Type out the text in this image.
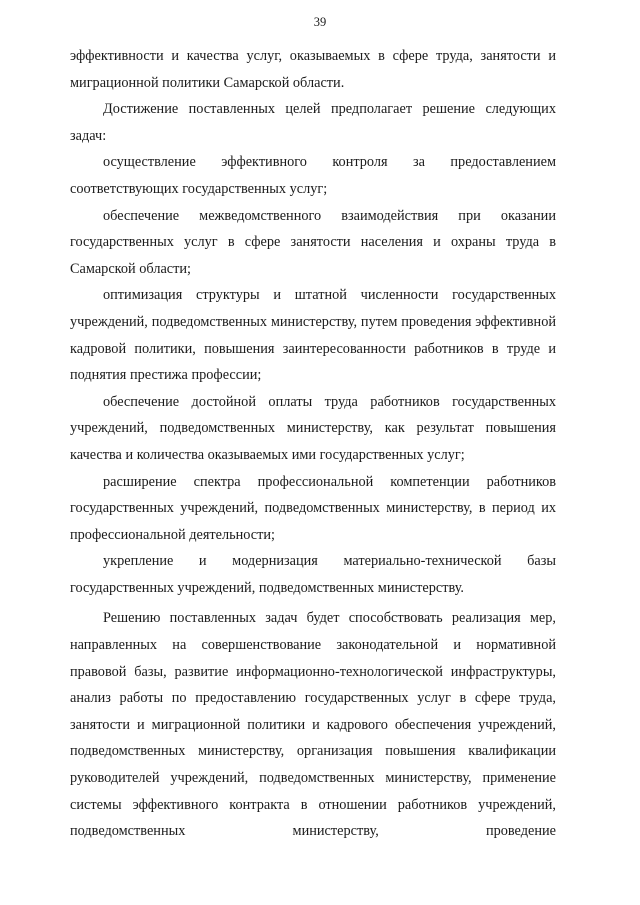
39

эффективности и качества услуг, оказываемых в сфере труда, занятости и миграционной политики Самарской области.

Достижение поставленных целей предполагает решение следующих задач:

осуществление эффективного контроля за предоставлением соответствующих государственных услуг;

обеспечение межведомственного взаимодействия при оказании государственных услуг в сфере занятости населения и охраны труда в Самарской области;

оптимизация структуры и штатной численности государственных учреждений, подведомственных министерству, путем проведения эффективной кадровой политики, повышения заинтересованности работников в труде и поднятия престижа профессии;

обеспечение достойной оплаты труда работников государственных учреждений, подведомственных министерству, как результат повышения качества и количества оказываемых ими государственных услуг;

расширение спектра профессиональной компетенции работников государственных учреждений, подведомственных министерству, в период их профессиональной деятельности;

укрепление и модернизация материально-технической базы государственных учреждений, подведомственных министерству.

Решению поставленных задач будет способствовать реализация мер, направленных на совершенствование законодательной и нормативной правовой базы, развитие информационно-технологической инфраструктуры, анализ работы по предоставлению государственных услуг в сфере труда, занятости и миграционной политики и кадрового обеспечения учреждений, подведомственных министерству, организация повышения квалификации руководителей учреждений, подведомственных министерству, применение системы эффективного контракта в отношении работников учреждений, подведомственных министерству, проведение
